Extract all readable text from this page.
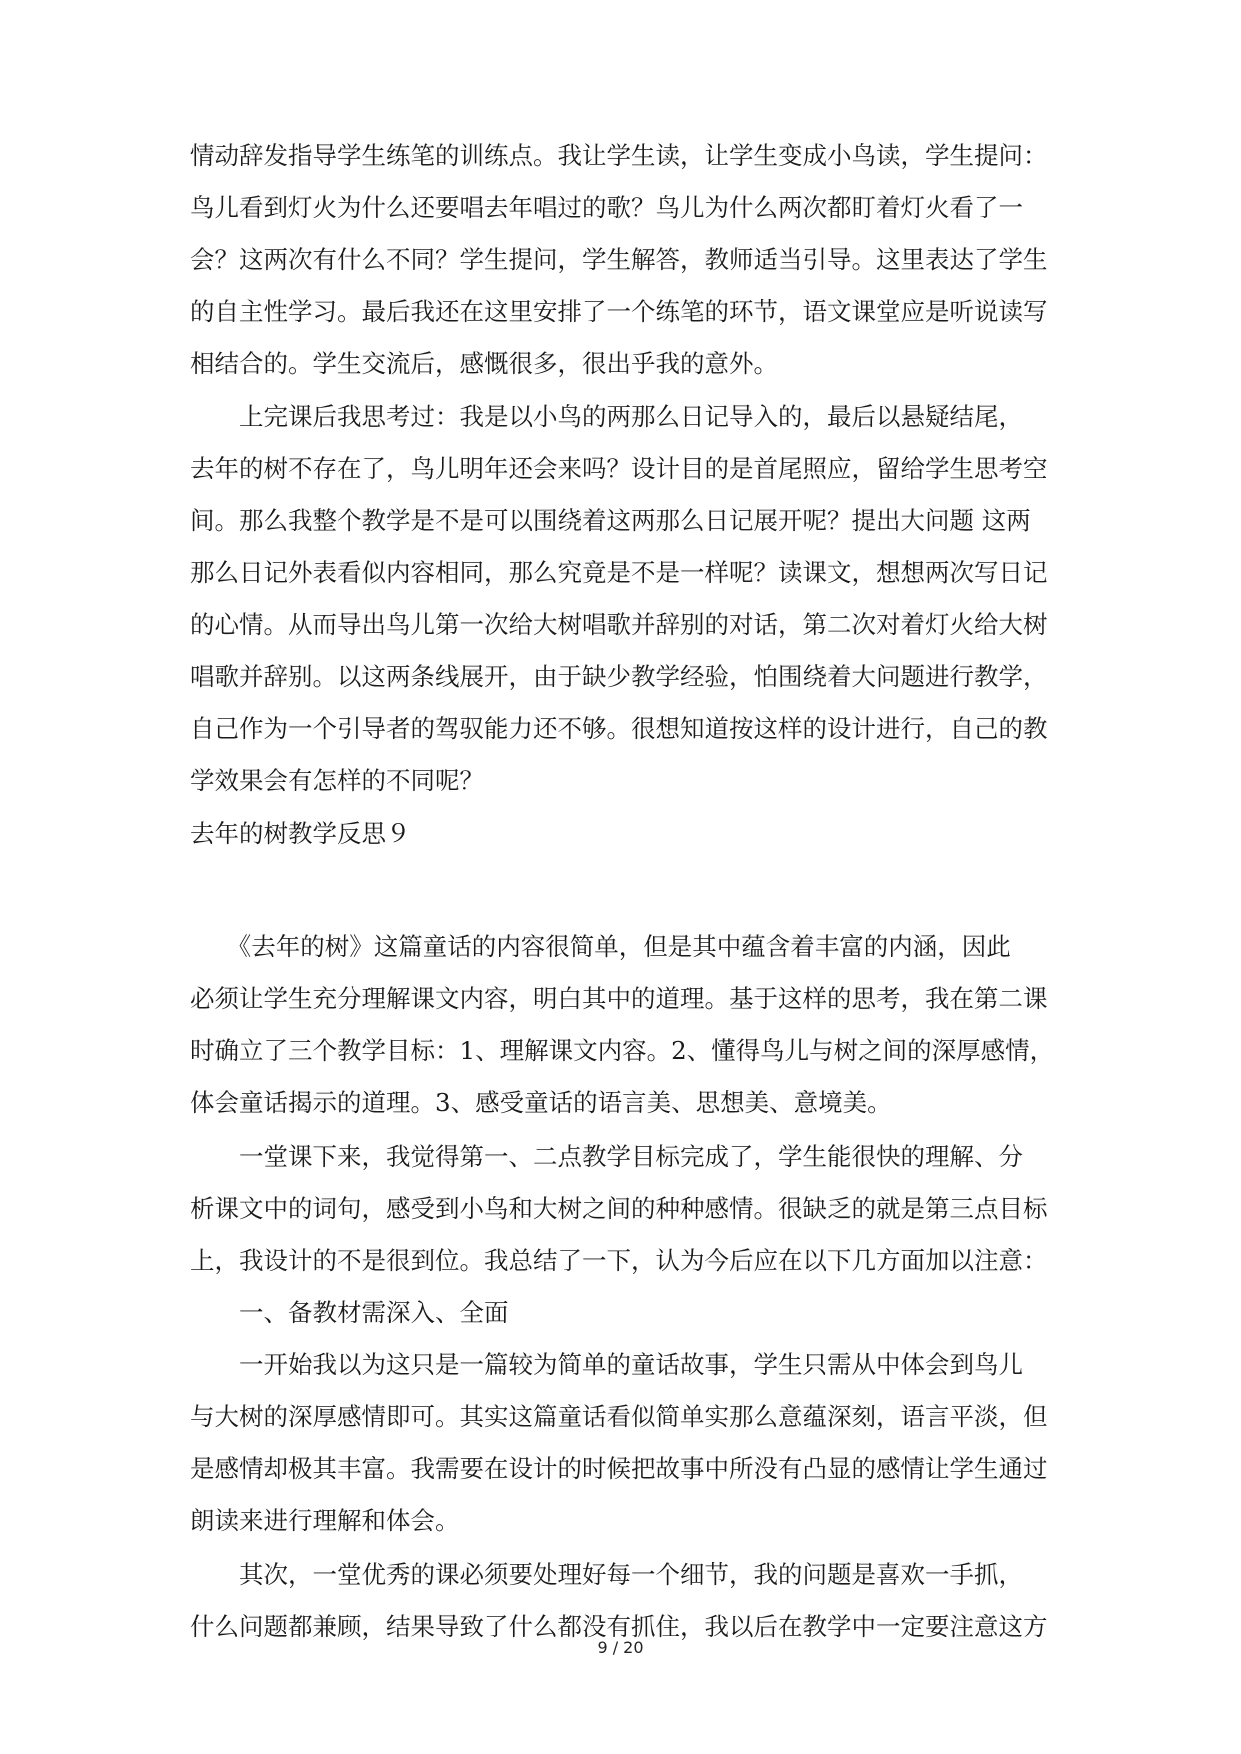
情动辞发指导学生练笔的训练点。我让学生读，让学生变成小鸟读，学生提问：
鸟儿看到灯火为什么还要唱去年唱过的歌？鸟儿为什么两次都盯着灯火看了一
会？这两次有什么不同？学生提问，学生解答，教师适当引导。这里表达了学生
的自主性学习。最后我还在这里安排了一个练笔的环节，语文课堂应是听说读写
相结合的。学生交流后，感慨很多，很出乎我的意外。
　　上完课后我思考过：我是以小鸟的两那么日记导入的，最后以悬疑结尾，
去年的树不存在了，鸟儿明年还会来吗？设计目的是首尾照应，留给学生思考空
间。那么我整个教学是不是可以围绕着这两那么日记展开呢？提出大问题 这两
那么日记外表看似内容相同，那么究竟是不是一样呢？读课文，想想两次写日记
的心情。从而导出鸟儿第一次给大树唱歌并辞别的对话，第二次对着灯火给大树
唱歌并辞别。以这两条线展开，由于缺少教学经验，怕围绕着大问题进行教学，
自己作为一个引导者的驾驭能力还不够。很想知道按这样的设计进行，自己的教
学效果会有怎样的不同呢？
去年的树教学反思９
　　《去年的树》这篇童话的内容很简单，但是其中蕴含着丰富的内涵，因此
必须让学生充分理解课文内容，明白其中的道理。基于这样的思考，我在第二课
时确立了三个教学目标：1、理解课文内容。2、懂得鸟儿与树之间的深厚感情，
体会童话揭示的道理。3、感受童话的语言美、思想美、意境美。
　　一堂课下来，我觉得第一、二点教学目标完成了，学生能很快的理解、分
析课文中的词句，感受到小鸟和大树之间的种种感情。很缺乏的就是第三点目标
上，我设计的不是很到位。我总结了一下，认为今后应在以下几方面加以注意：
　　一、备教材需深入、全面
　　一开始我以为这只是一篇较为简单的童话故事，学生只需从中体会到鸟儿
与大树的深厚感情即可。其实这篇童话看似简单实那么意蕴深刻，语言平淡，但
是感情却极其丰富。我需要在设计的时候把故事中所没有凸显的感情让学生通过
朗读来进行理解和体会。
　　其次，一堂优秀的课必须要处理好每一个细节，我的问题是喜欢一手抓，
什么问题都兼顾，结果导致了什么都没有抓住，我以后在教学中一定要注意这方
9 / 20
